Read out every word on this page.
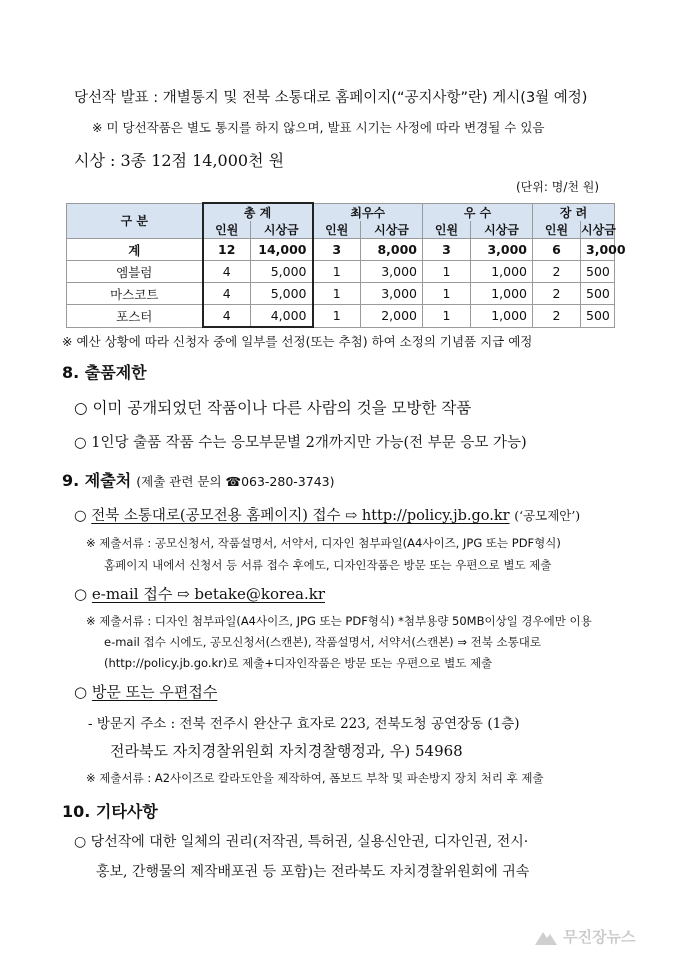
당선작 발표 : 개별통지 및 전북 소통대로 홈페이지(“공지사항”란) 게시(3월 예정)
※ 미 당선작품은 별도 통지를 하지 않으며, 발표 시기는 사정에 따라 변경될 수 있음
시상 : 3종 12점 14,000천 원
(단위: 명/천 원)
구 분	총 계		최우수		우 수		장 려	
	인원	시상금	인원	시상금	인원	시상금	인원	시상금
계	12	14,000	3	8,000	3	3,000	6	3,000
엠블럼	4	5,000	1	3,000	1	1,000	2	500
마스코트	4	5,000	1	3,000	1	1,000	2	500
포스터	4	4,000	1	2,000	1	1,000	2	500
※ 예산 상황에 따라 신청자 중에 일부를 선정(또는 추첨) 하여 소정의 기념품 지급 예정
8. 출품제한
○ 이미 공개되었던 작품이나 다른 사람의 것을 모방한 작품
○ 1인당 출품 작품 수는 응모부문별 2개까지만 가능(전 부문 응모 가능)
9. 제출처 (제출 관련 문의 ☎063-280-3743)
○ 전북 소통대로(공모전용 홈페이지) 접수 ⇨ http://policy.jb.go.kr (‘공모제안’)
※ 제출서류 : 공모신청서, 작품설명서, 서약서, 디자인 첨부파일(A4사이즈, JPG 또는 PDF형식)
홈페이지 내에서 신청서 등 서류 접수 후에도, 디자인작품은 방문 또는 우편으로 별도 제출
○ e-mail 접수 ⇨ betake@korea.kr
※ 제출서류 : 디자인 첨부파일(A4사이즈, JPG 또는 PDF형식) *첨부용량 50MB이상일 경우에만 이용
e-mail 접수 시에도, 공모신청서(스캔본), 작품설명서, 서약서(스캔본) ⇒ 전북 소통대로
(http://policy.jb.go.kr)로 제출+디자인작품은 방문 또는 우편으로 별도 제출
○ 방문 또는 우편접수
- 방문지 주소 : 전북 전주시 완산구 효자로 223, 전북도청 공연장동 (1층)
전라북도 자치경찰위원회 자치경찰행정과, 우) 54968
※ 제출서류 : A2사이즈로 칼라도안을 제작하여, 폼보드 부착 및 파손방지 장치 처리 후 제출
10. 기타사항
○ 당선작에 대한 일체의 권리(저작권, 특허권, 실용신안권, 디자인권, 전시·
홍보, 간행물의 제작배포권 등 포함)는 전라북도 자치경찰위원회에 귀속
무진장뉴스
